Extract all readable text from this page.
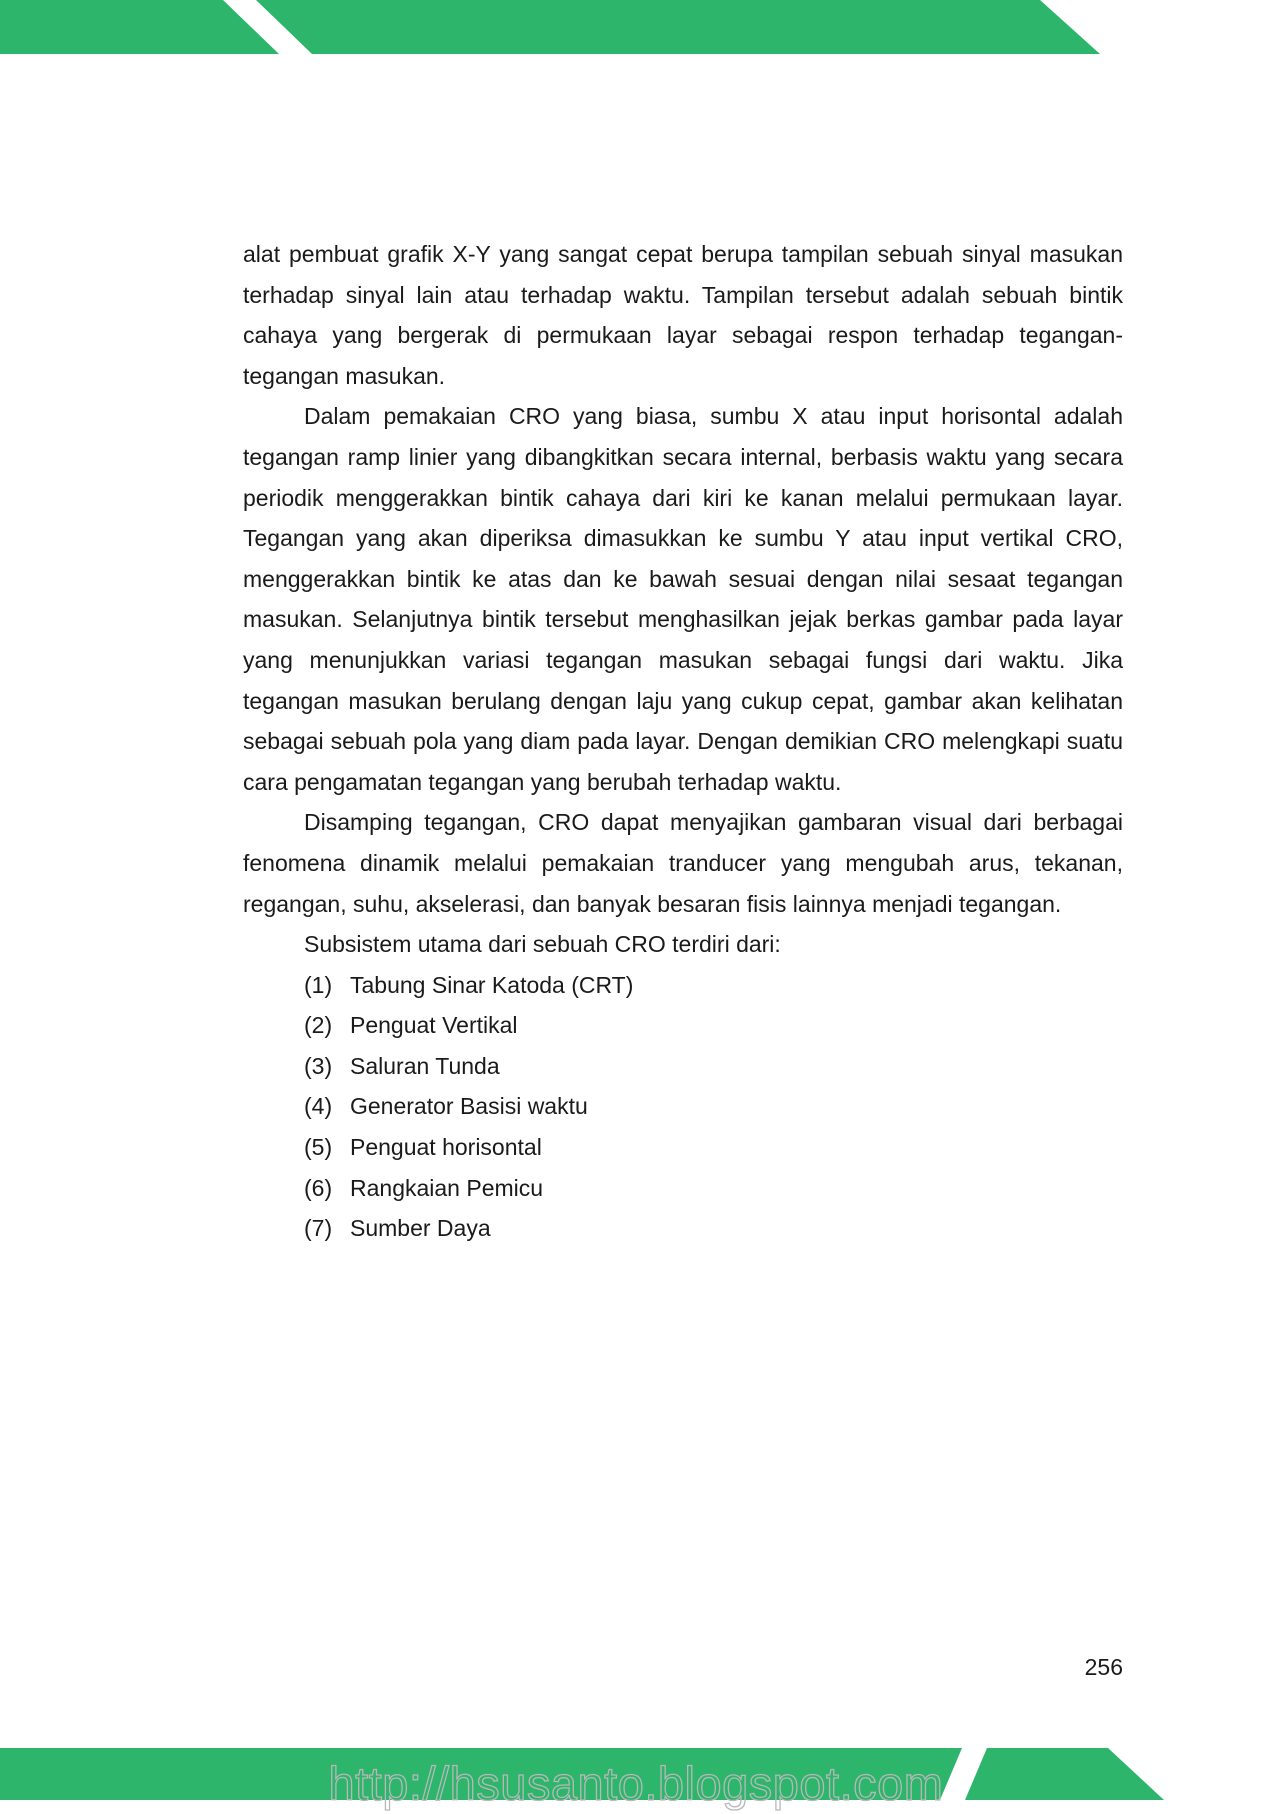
alat pembuat grafik X-Y yang sangat cepat berupa tampilan sebuah sinyal masukan terhadap sinyal lain atau terhadap waktu. Tampilan tersebut adalah sebuah bintik cahaya yang bergerak di permukaan layar sebagai respon terhadap tegangan-tegangan masukan.

Dalam pemakaian CRO yang biasa, sumbu X atau input horisontal adalah tegangan ramp linier yang dibangkitkan secara internal, berbasis waktu yang secara periodik menggerakkan bintik cahaya dari kiri ke kanan melalui permukaan layar. Tegangan yang akan diperiksa dimasukkan ke sumbu Y atau input vertikal CRO, menggerakkan bintik ke atas dan ke bawah sesuai dengan nilai sesaat tegangan masukan. Selanjutnya bintik tersebut menghasilkan jejak berkas gambar pada layar yang menunjukkan variasi tegangan masukan sebagai fungsi dari waktu. Jika tegangan masukan berulang dengan laju yang cukup cepat, gambar akan kelihatan sebagai sebuah pola yang diam pada layar. Dengan demikian CRO melengkapi suatu cara pengamatan tegangan yang berubah terhadap waktu.

Disamping tegangan, CRO dapat menyajikan gambaran visual dari berbagai fenomena dinamik melalui pemakaian tranducer yang mengubah arus, tekanan, regangan, suhu, akselerasi, dan banyak besaran fisis lainnya menjadi tegangan.

Subsistem utama dari sebuah CRO terdiri dari:

(1) Tabung Sinar Katoda (CRT)
(2) Penguat Vertikal
(3) Saluran Tunda
(4) Generator Basisi waktu
(5) Penguat horisontal
(6) Rangkaian Pemicu
(7) Sumber Daya
256
http://hsusanto.blogspot.com
